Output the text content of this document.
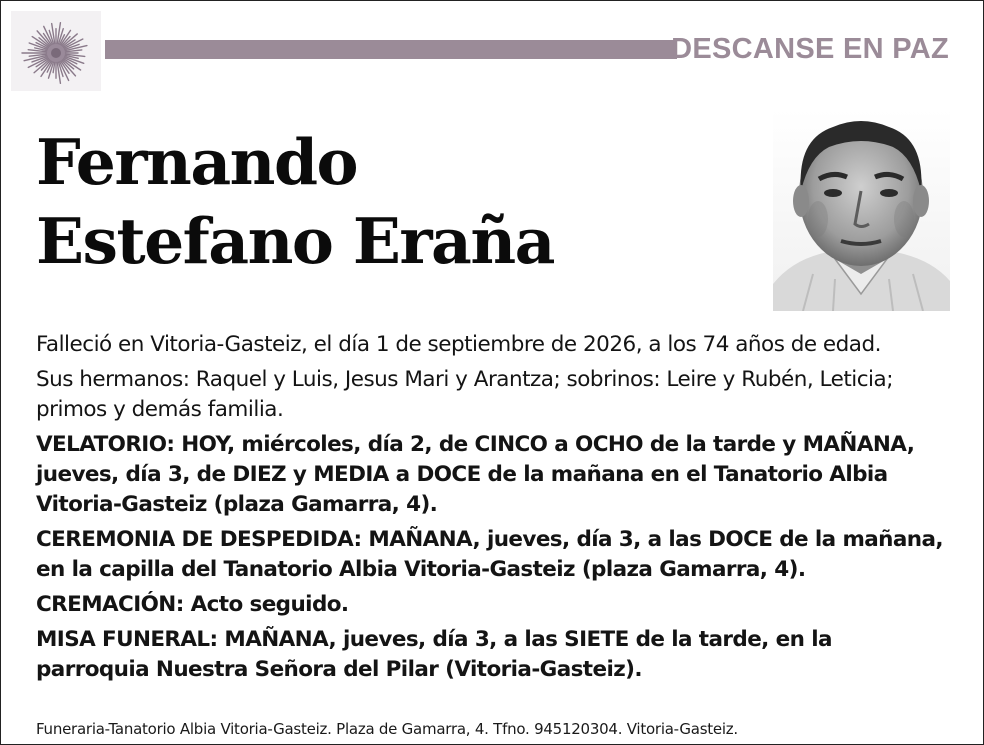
DESCANSE EN PAZ
Fernando
Estefano Eraña

Falleció en Vitoria-Gasteiz, el día 1 de septiembre de 2026, a los 74 años de edad.

Sus hermanos: Raquel y Luis, Jesus Mari y Arantza; sobrinos: Leire y Rubén, Leticia; primos y demás familia.

VELATORIO: HOY, miércoles, día 2, de CINCO a OCHO de la tarde y MAÑANA, jueves, día 3, de DIEZ y MEDIA a DOCE de la mañana en el Tanatorio Albia Vitoria-Gasteiz (plaza Gamarra, 4).

CEREMONIA DE DESPEDIDA: MAÑANA, jueves, día 3, a las DOCE de la mañana, en la capilla del Tanatorio Albia Vitoria-Gasteiz (plaza Gamarra, 4).

CREMACIÓN: Acto seguido.

MISA FUNERAL: MAÑANA, jueves, día 3, a las SIETE de la tarde, en la parroquia Nuestra Señora del Pilar (Vitoria-Gasteiz).

Funeraria-Tanatorio Albia Vitoria-Gasteiz. Plaza de Gamarra, 4. Tfno. 945120304. Vitoria-Gasteiz.
